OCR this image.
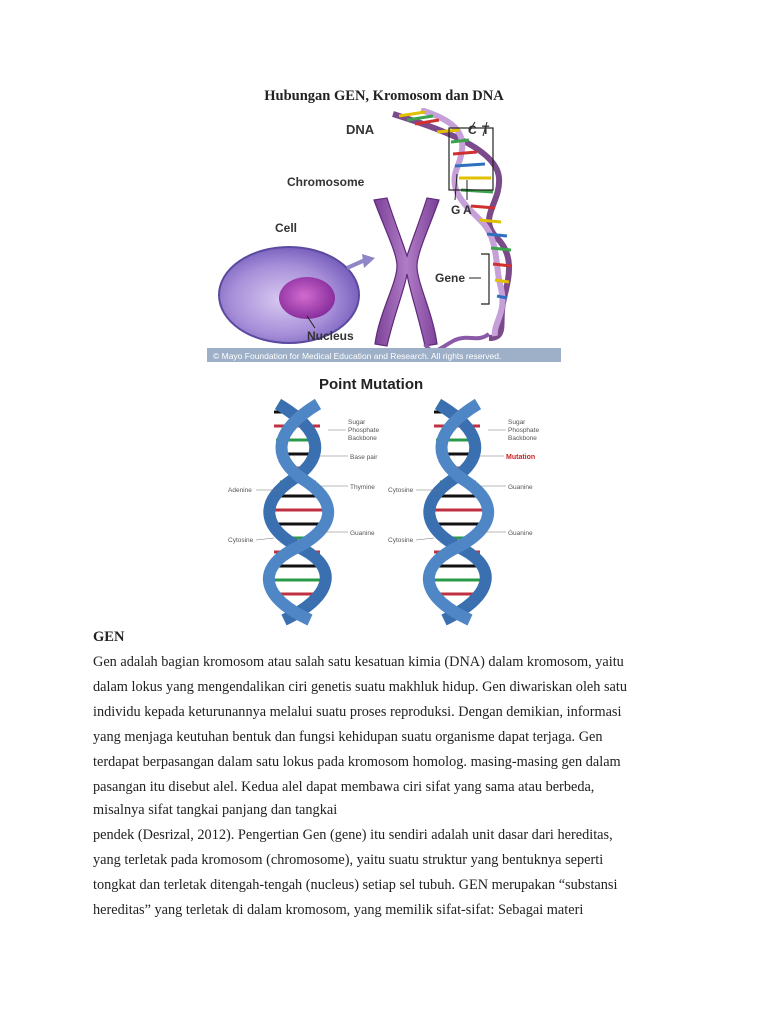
Hubungan GEN, Kromosom dan DNA
DNA	C T
G A
Chromosome
Cell
Gene
Nucleus
© Mayo Foundation for Medical Education and Research. All rights reserved.
Point Mutation
Sugar
Phosphate
Backbone
Base pair
Adenine	Thymine
Cytosine
Guanine
Sugar
Phosphate
Backbone
Cytosine	Guanine
Cytosine
Guanine
Mutation
GEN
Gen adalah bagian kromosom atau salah satu kesatuan kimia (DNA) dalam kromosom, yaitu
dalam lokus yang mengendalikan ciri genetis suatu makhluk hidup. Gen diwariskan oleh satu
individu kepada keturunannya melalui suatu proses reproduksi. Dengan demikian, informasi
yang menjaga keutuhan bentuk dan fungsi kehidupan suatu organisme dapat terjaga. Gen
terdapat berpasangan dalam satu lokus pada kromosom homolog. masing-masing gen dalam
pasangan itu disebut alel. Kedua alel dapat membawa ciri sifat yang sama atau berbeda,
misalnya sifat tangkai panjang dan tangkai
pendek (Desrizal, 2012). Pengertian Gen (gene) itu sendiri adalah unit dasar dari hereditas,
yang terletak pada kromosom (chromosome), yaitu suatu struktur yang bentuknya seperti
tongkat dan terletak ditengah-tengah (nucleus) setiap sel tubuh. GEN merupakan “substansi
hereditas” yang terletak di dalam kromosom, yang memilik sifat-sifat: Sebagai materi
